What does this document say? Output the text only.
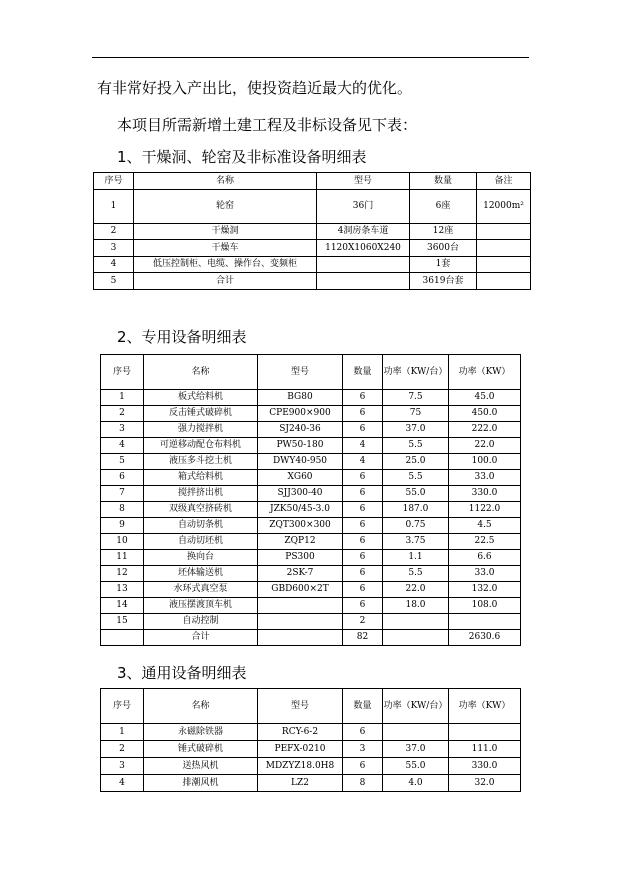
有非常好投入产出比，使投资趋近最大的优化。
本项目所需新增土建工程及非标设备见下表：
1、干燥洞、轮窑及非标准设备明细表
序号	名称	型号	数量	备注
1	轮窑	36门	6座	12000m²
2	干燥洞	4洞房条车道	12座	
3	干燥车	1120X1060X240	3600台	
4	低压控制柜、电缆、操作台、变频柜		1套	
5	合计		3619台套	
2、专用设备明细表
序号	名称	型号	数量	功率（KW/台）	功率（KW）
1	板式给料机	BG80	6	7.5	45.0
2	反击锤式破碎机	CPE900×900	6	75	450.0
3	强力搅拌机	SJ240-36	6	37.0	222.0
4	可逆移动配仓布料机	PW50-180	4	5.5	22.0
5	液压多斗挖土机	DWY40-950	4	25.0	100.0
6	箱式给料机	XG60	6	5.5	33.0
7	搅拌挤出机	SJJ300-40	6	55.0	330.0
8	双级真空挤砖机	JZK50/45-3.0	6	187.0	1122.0
9	自动切条机	ZQT300×300	6	0.75	4.5
10	自动切坯机	ZQP12	6	3.75	22.5
11	换向台	PS300	6	1.1	6.6
12	坯体输送机	2SK-7	6	5.5	33.0
13	水环式真空泵	GBD600×2T	6	22.0	132.0
14	液压摆渡顶车机		6	18.0	108.0
15	自动控制		2		
	合计		82		2630.6
3、通用设备明细表
序号	名称	型号	数量	功率（KW/台）	功率（KW）
1	永磁除铁器	RCY-6-2	6		
2	锤式破碎机	PEFX-0210	3	37.0	111.0
3	送热风机	MDZYZ18.0H8	6	55.0	330.0
4	排潮风机	LZ2	8	4.0	32.0
